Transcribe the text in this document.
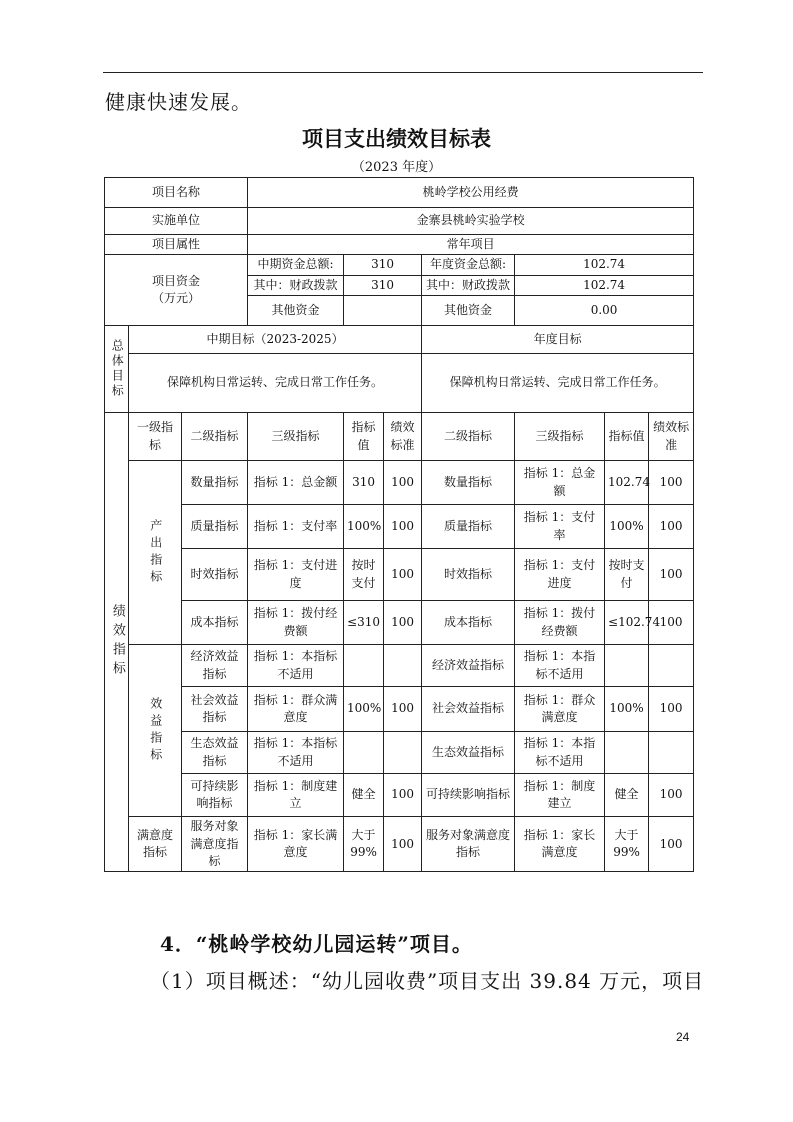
健康快速发展。
项目支出绩效目标表
（2023 年度）
项目名称			桃岭学校公用经费						
实施单位			金寨县桃岭实验学校						
项目属性			常年项目						

项目资金
（万元）			中期资金总额:	310		年度资金总额:	102.74		
			其中：财政拨款	310		其中：财政拨款	102.74		
			其他资金			其他资金	0.00		
总体目标	中期目标（2023-2025）					年度目标			
	保障机构日常运转、完成日常工作任务。					保障机构日常运转、完成日常工作任务。			
绩效指标	一级指标	二级指标	三级指标	指标值	绩效标准	二级指标	三级指标	指标值	绩效标准
	产出指标	数量指标	指标 1：总金额	310	100	数量指标	指标 1：总金额	102.74	100
		质量指标	指标 1：支付率	100%	100	质量指标	指标 1：支付率	100%	100
		时效指标	指标 1：支付进度	按时支付	100	时效指标	指标 1：支付进度	按时支付	100
		成本指标	指标 1：拨付经费额	≤310	100	成本指标	指标 1：拨付经费额	≤102.74	100
	效益指标	经济效益指标	指标 1：本指标不适用			经济效益指标	指标 1：本指标不适用		
		社会效益指标	指标 1：群众满意度	100%	100	社会效益指标	指标 1：群众满意度	100%	100
		生态效益指标	指标 1：本指标不适用			生态效益指标	指标 1：本指标不适用		
		可持续影响指标	指标 1：制度建立	健全	100	可持续影响指标	指标 1：制度建立	健全	100
	满意度指标	服务对象满意度指标	指标 1：家长满意度	大于99%	100	服务对象满意度指标	指标 1：家长满意度	大于99%	100
4．“桃岭学校幼儿园运转”项目。
（1）项目概述：“幼儿园收费”项目支出 39.84 万元，项目
24
